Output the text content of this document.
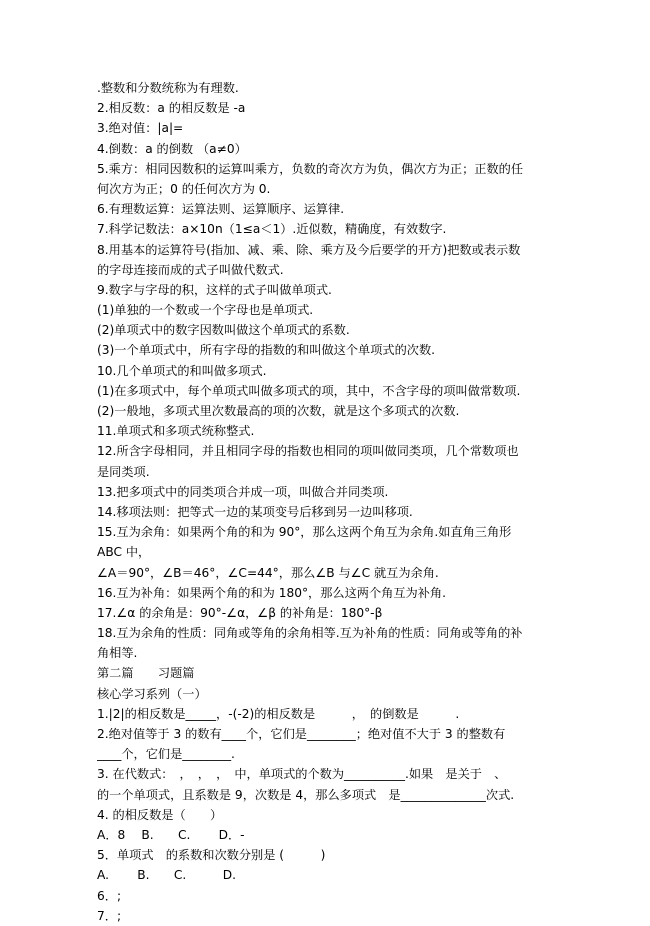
.整数和分数统称为有理数.
2.相反数：a 的相反数是 -a
3.绝对值：|a|=
4.倒数：a 的倒数 （a≠0）
5.乘方：相同因数积的运算叫乘方，负数的奇次方为负，偶次方为正；正数的任
何次方为正；0 的任何次方为 0.
6.有理数运算：运算法则、运算顺序、运算律.
7.科学记数法：a×10n（1≤a＜1）.近似数，精确度，有效数字.
8.用基本的运算符号(指加、减、乘、除、乘方及今后要学的开方)把数或表示数
的字母连接而成的式子叫做代数式.
9.数字与字母的积，这样的式子叫做单项式.
(1)单独的一个数或一个字母也是单项式.
(2)单项式中的数字因数叫做这个单项式的系数.
(3)一个单项式中，所有字母的指数的和叫做这个单项式的次数.
10.几个单项式的和叫做多项式.
(1)在多项式中，每个单项式叫做多项式的项，其中，不含字母的项叫做常数项.
(2)一般地，多项式里次数最高的项的次数，就是这个多项式的次数.
11.单项式和多项式统称整式.
12.所含字母相同，并且相同字母的指数也相同的项叫做同类项，几个常数项也
是同类项.
13.把多项式中的同类项合并成一项，叫做合并同类项.
14.移项法则：把等式一边的某项变号后移到另一边叫移项.
15.互为余角：如果两个角的和为 90°，那么这两个角互为余角.如直角三角形
ABC 中，
∠A＝90°，∠B＝46°，∠C=44°，那么∠B 与∠C 就互为余角.
16.互为补角：如果两个角的和为 180°，那么这两个角互为补角.
17.∠α 的余角是：90°-∠α，∠β 的补角是：180°-β
18.互为余角的性质：同角或等角的余角相等.互为补角的性质：同角或等角的补
角相等.
第二篇　　习题篇
核心学习系列（一）
1.|2|的相反数是_____，-(-2)的相反数是　　　，　的倒数是　　　.
2.绝对值等于 3 的数有____个，它们是________；绝对值不大于 3 的整数有
____个，它们是________.
3. 在代数式：　，　，　，　中，单项式的个数为__________.如果　是关于　、
的一个单项式，且系数是 9，次数是 4，那么多项式　是______________次式.
4. 的相反数是（　　）
A．8　 B.　　C.　　 D．-
5．单项式　的系数和次数分别是 (　　　)
A.　　 B.　　C.　　　D.
6．;
7．;
